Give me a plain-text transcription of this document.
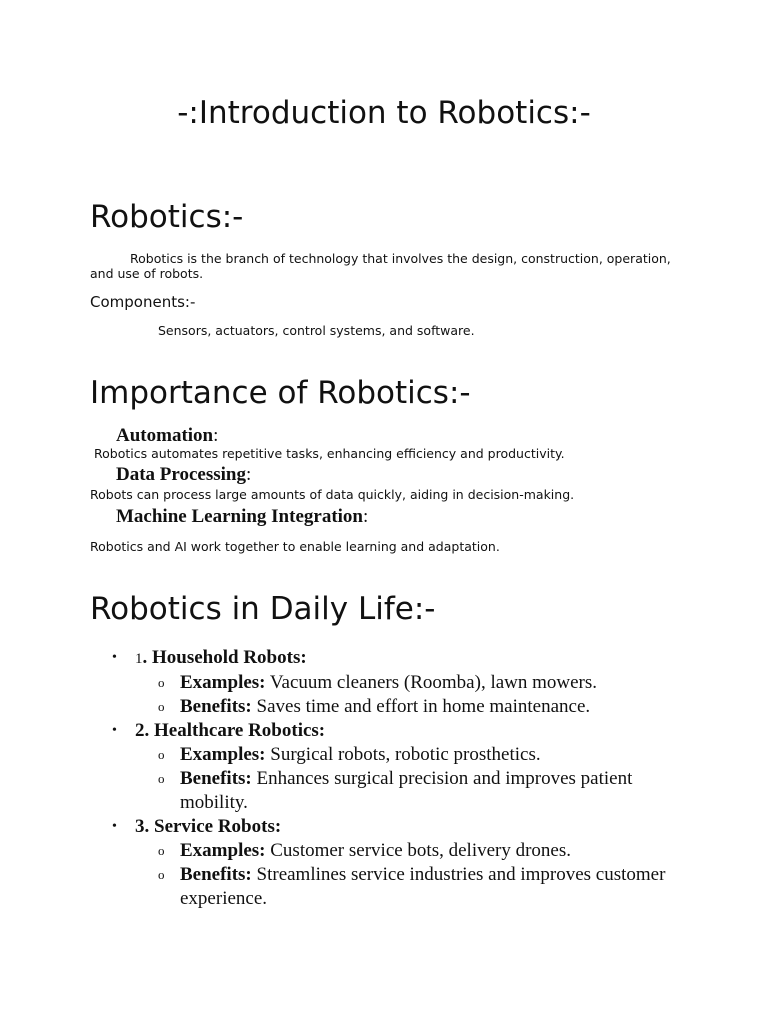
-:Introduction to Robotics:-
Robotics:-

Robotics is the branch of technology that involves the design, construction, operation,

and use of robots.

Components:-

Sensors, actuators, control systems, and software.

Importance of Robotics:-

Automation:

Robotics automates repetitive tasks, enhancing efficiency and productivity.

Data Processing:

Robots can process large amounts of data quickly, aiding in decision-making.

Machine Learning Integration:

Robotics and AI work together to enable learning and adaptation.

Robotics in Daily Life:-

• 1. Household Robots:

o Examples: Vacuum cleaners (Roomba), lawn mowers.
o Benefits: Saves time and effort in home maintenance.

• 2. Healthcare Robotics:

o Examples: Surgical robots, robotic prosthetics.
o Benefits: Enhances surgical precision and improves patient mobility.

• 3. Service Robots:

o Examples: Customer service bots, delivery drones.
o Benefits: Streamlines service industries and improves customer experience.
